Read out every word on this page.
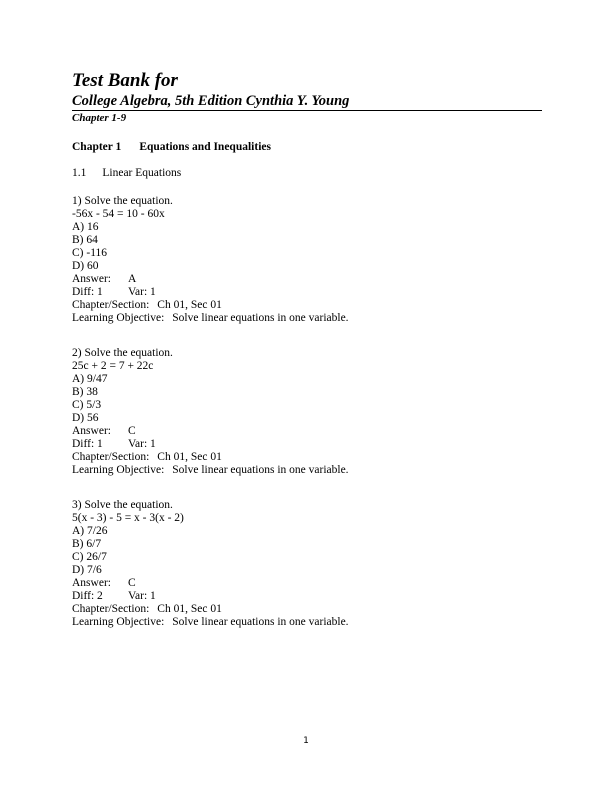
Test Bank for
College Algebra, 5th Edition Cynthia Y. Young
Chapter 1-9
Chapter 1 Equations and Inequalities
1.1 Linear Equations
1) Solve the equation.
-56x - 54 = 10 - 60x
A) 16
B) 64
C) -116
D) 60
Answer: A
Diff: 1 Var: 1
Chapter/Section: Ch 01, Sec 01
Learning Objective: Solve linear equations in one variable.
2) Solve the equation.
25c + 2 = 7 + 22c
A) 9/47
B) 38
C) 5/3
D) 56
Answer: C
Diff: 1 Var: 1
Chapter/Section: Ch 01, Sec 01
Learning Objective: Solve linear equations in one variable.
3) Solve the equation.
5(x - 3) - 5 = x - 3(x - 2)
A) 7/26
B) 6/7
C) 26/7
D) 7/6
Answer: C
Diff: 2 Var: 1
Chapter/Section: Ch 01, Sec 01
Learning Objective: Solve linear equations in one variable.
1
